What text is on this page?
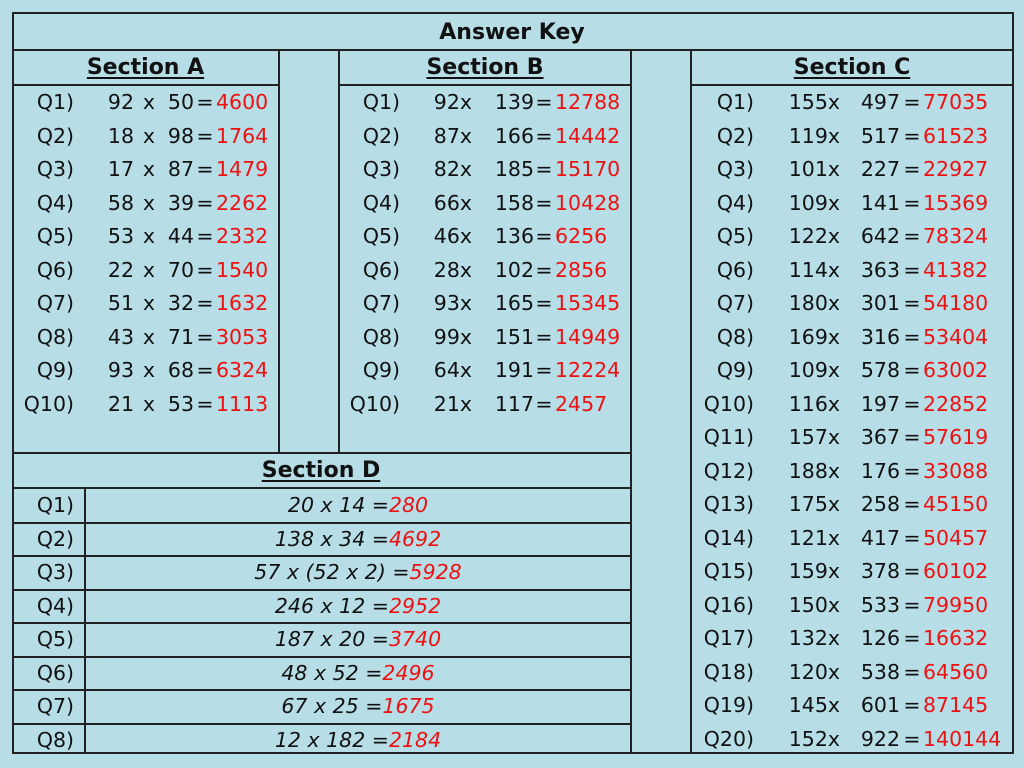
Answer Key
Section A	Section B	Section C
Section D
Q1)	92 x 50 = 4600
Q2)	18 x 98 = 1764
Q3)	17 x 87 = 1479
Q4)	58 x 39 = 2262
Q5)	53 x 44 = 2332
Q6)	22 x 70 = 1540
Q7)	51 x 32 = 1632
Q8)	43 x 71 = 3053
Q9)	93 x 68 = 6324
Q10)	21 x 53 = 1113
Q1)	92x	139 = 12788
Q2)	87x	166 = 14442
Q3)	82x	185 = 15170
Q4)	66x	158 = 10428
Q5)	46x	136 = 6256
Q6)	28x	102 = 2856
Q7)	93x	165 = 15345
Q8)	99x	151 = 14949
Q9)	64x	191 = 12224
Q10)	21x	117 = 2457
Q1)	155x	497 = 77035
Q2)	119x	517 = 61523
Q3)	101x	227 = 22927
Q4)	109x	141 = 15369
Q5)	122x	642 = 78324
Q6)	114x	363 = 41382
Q7)	180x	301 = 54180
Q8)	169x	316 = 53404
Q9)	109x	578 = 63002
Q10)	116x	197 = 22852
Q11)	157x	367 = 57619
Q12)	188x	176 = 33088
Q13)	175x	258 = 45150
Q14)	121x	417 = 50457
Q15)	159x	378 = 60102
Q16)	150x	533 = 79950
Q17)	132x	126 = 16632
Q18)	120x	538 = 64560
Q19)	145x	601 = 87145
Q20)	152x	922 = 140144
Q1)	20 x 14 =280
Q2)	138 x 34 =4692
Q3)	57 x (52 x 2) =5928
Q4)	246 x 12 =2952
Q5)	187 x 20 =3740
Q6)	48 x 52 =2496
Q7)	67 x 25 =1675
Q8)	12 x 182 =2184
